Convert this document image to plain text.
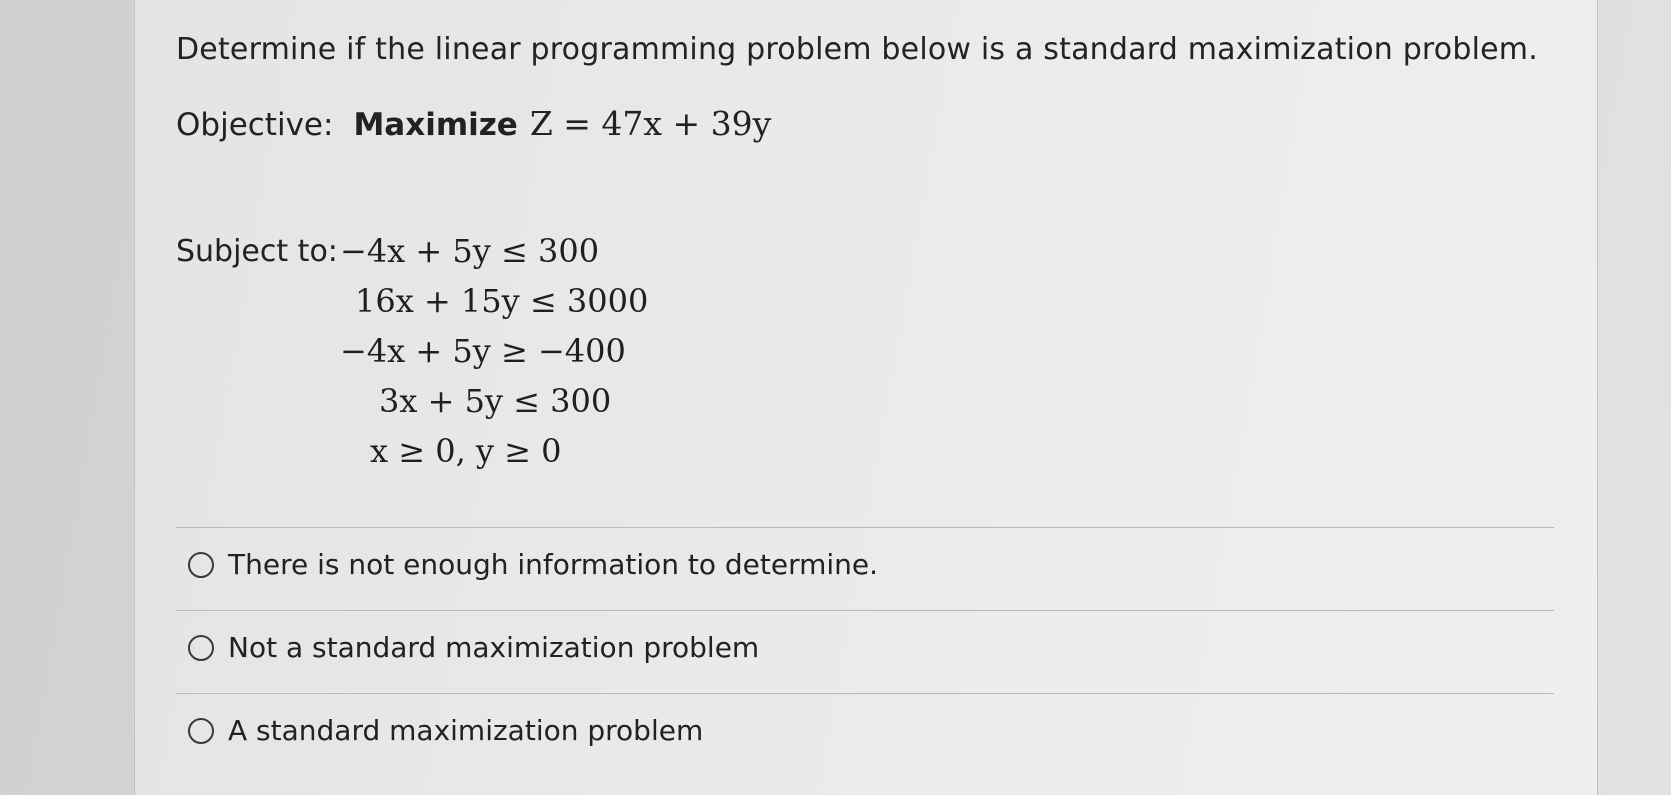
Determine if the linear programming problem below is a standard maximization problem.
Objective: Maximize Z = 47x + 39y
Subject to: −4x + 5y ≤ 300
16x + 15y ≤ 3000
−4x + 5y ≥ −400
3x + 5y ≤ 300
x ≥ 0, y ≥ 0
There is not enough information to determine.
Not a standard maximization problem
A standard maximization problem
